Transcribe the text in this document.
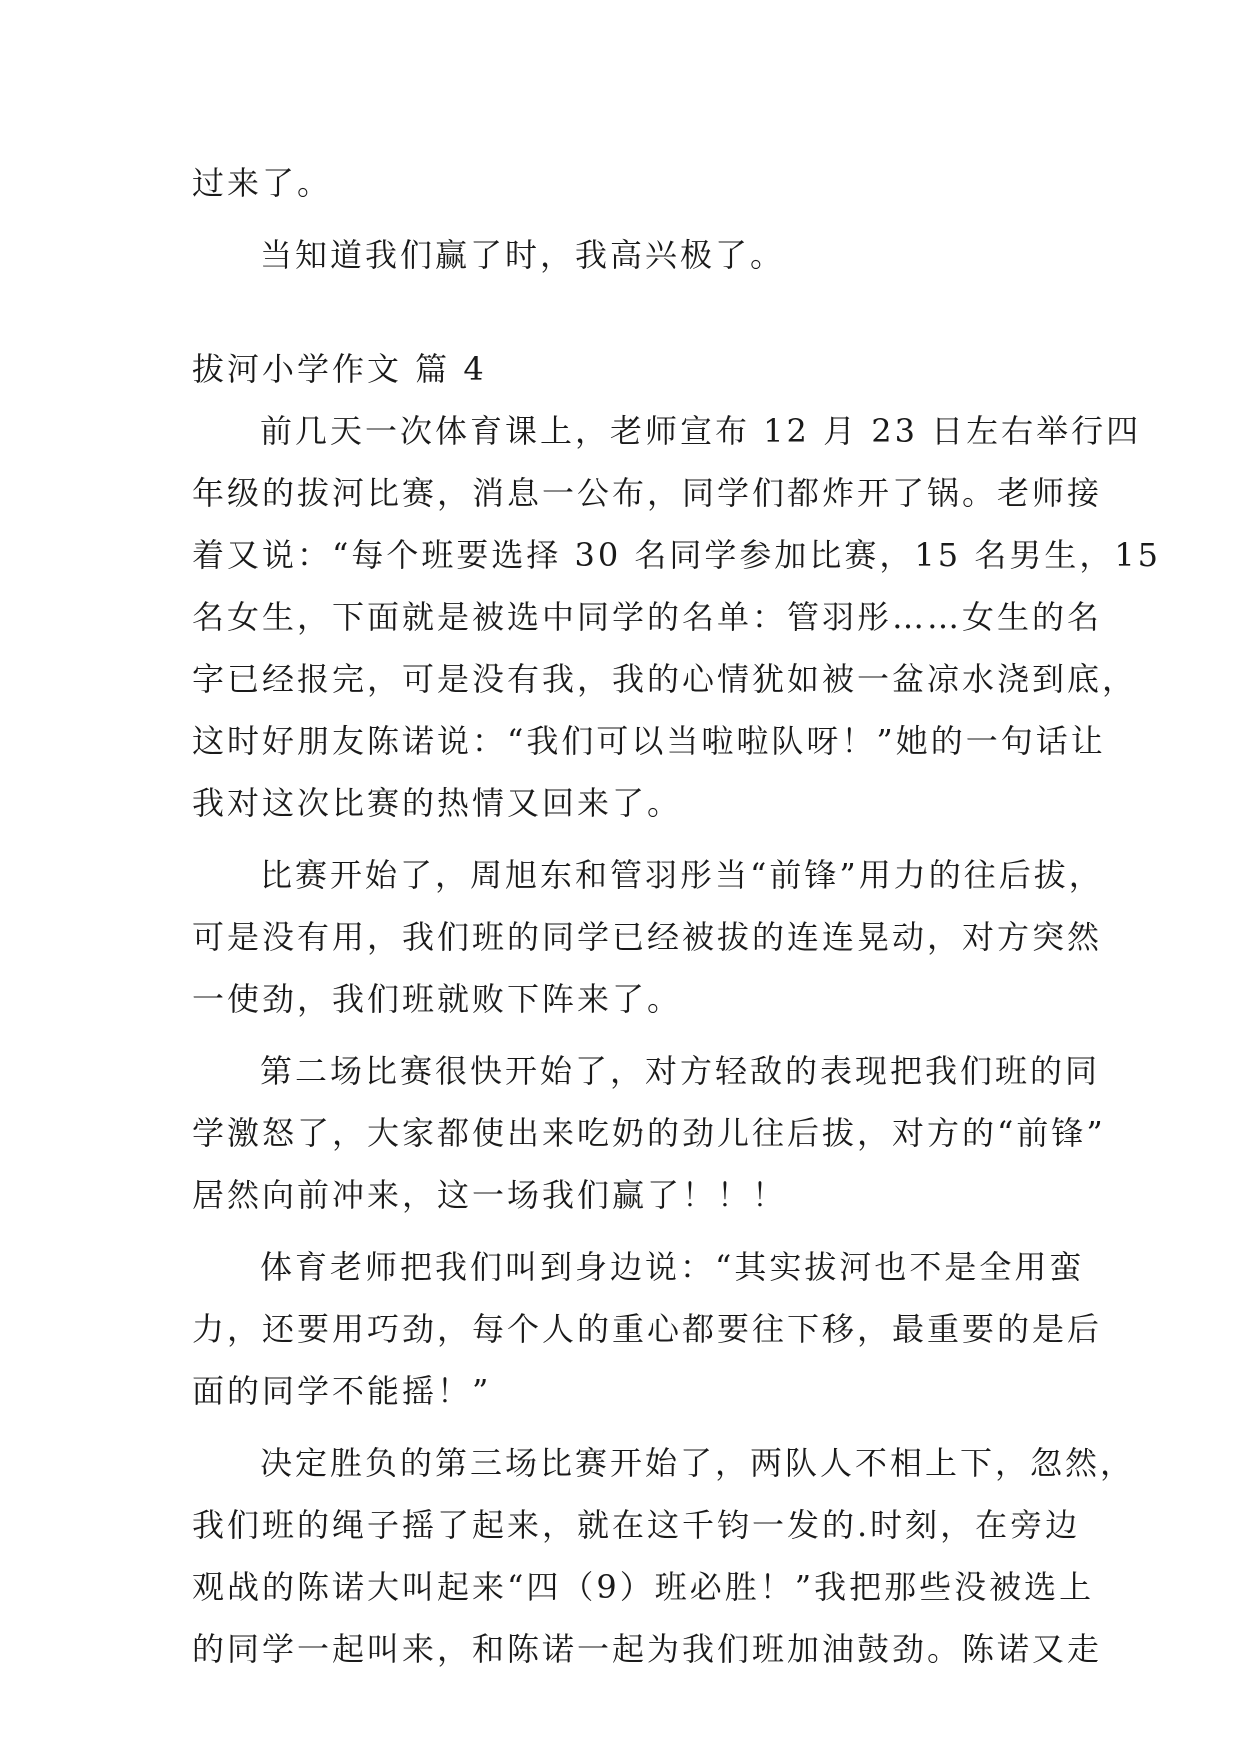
过来了。
当知道我们赢了时，我高兴极了。
拔河小学作文 篇 4
前几天一次体育课上，老师宣布 12 月 23 日左右举行四
年级的拔河比赛，消息一公布，同学们都炸开了锅。老师接
着又说：“每个班要选择 30 名同学参加比赛，15 名男生，15
名女生，下面就是被选中同学的名单：管羽彤……女生的名
字已经报完，可是没有我，我的心情犹如被一盆凉水浇到底，
这时好朋友陈诺说：“我们可以当啦啦队呀！”她的一句话让
我对这次比赛的热情又回来了。
比赛开始了，周旭东和管羽彤当“前锋”用力的往后拔，
可是没有用，我们班的同学已经被拔的连连晃动，对方突然
一使劲，我们班就败下阵来了。
第二场比赛很快开始了，对方轻敌的表现把我们班的同
学激怒了，大家都使出来吃奶的劲儿往后拔，对方的“前锋”
居然向前冲来，这一场我们赢了！！！
体育老师把我们叫到身边说：“其实拔河也不是全用蛮
力，还要用巧劲，每个人的重心都要往下移，最重要的是后
面的同学不能摇！”
决定胜负的第三场比赛开始了，两队人不相上下，忽然，
我们班的绳子摇了起来，就在这千钧一发的.时刻，在旁边
观战的陈诺大叫起来“四（9）班必胜！”我把那些没被选上
的同学一起叫来，和陈诺一起为我们班加油鼓劲。陈诺又走
